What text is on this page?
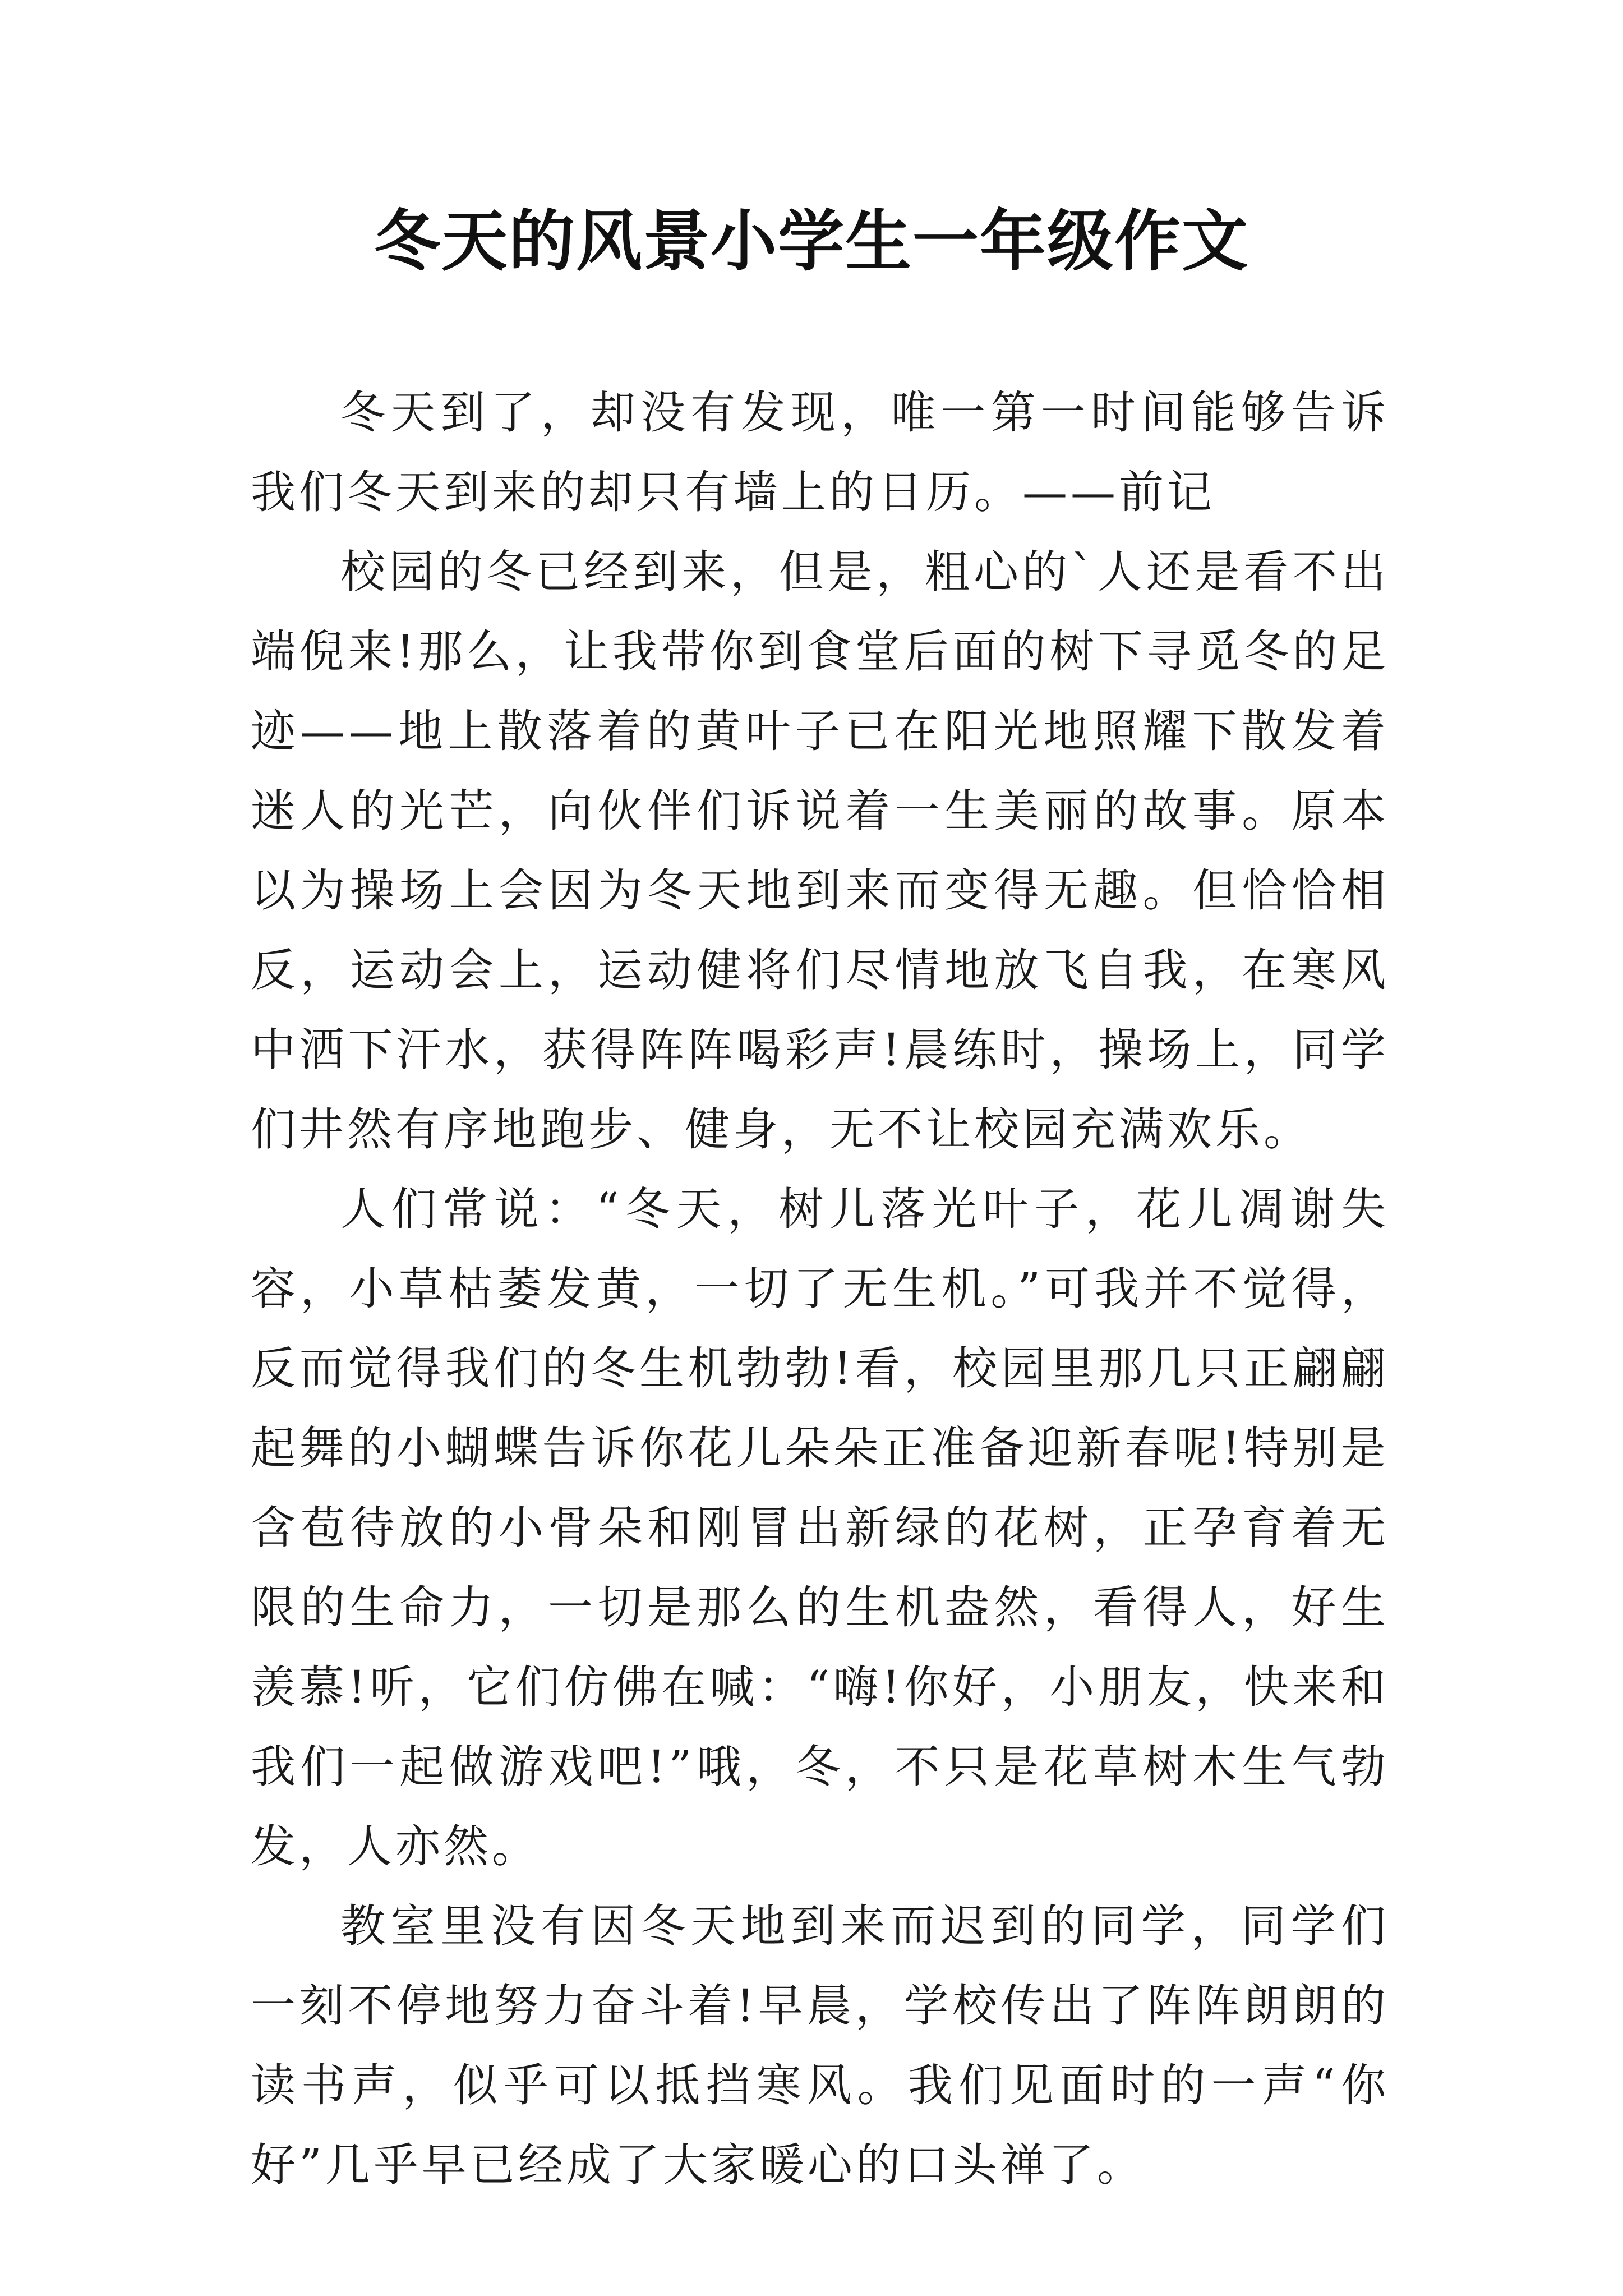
冬天的风景小学生一年级作文

冬天到了，却没有发现，唯一第一时间能够告诉我们冬天到来的却只有墙上的日历。——前记

校园的冬已经到来，但是，粗心的`人还是看不出端倪来!那么，让我带你到食堂后面的树下寻觅冬的足迹——地上散落着的黄叶子已在阳光地照耀下散发着迷人的光芒，向伙伴们诉说着一生美丽的故事。原本以为操场上会因为冬天地到来而变得无趣。但恰恰相反，运动会上，运动健将们尽情地放飞自我，在寒风中洒下汗水，获得阵阵喝彩声!晨练时，操场上，同学们井然有序地跑步、健身，无不让校园充满欢乐。

人们常说：“冬天，树儿落光叶子，花儿凋谢失容，小草枯萎发黄，一切了无生机。”可我并不觉得，反而觉得我们的冬生机勃勃!看，校园里那几只正翩翩起舞的小蝴蝶告诉你花儿朵朵正准备迎新春呢!特别是含苞待放的小骨朵和刚冒出新绿的花树，正孕育着无限的生命力，一切是那么的生机盎然，看得人，好生羡慕!听，它们仿佛在喊：“嗨!你好，小朋友，快来和我们一起做游戏吧!”哦，冬，不只是花草树木生气勃发，人亦然。

教室里没有因冬天地到来而迟到的同学，同学们一刻不停地努力奋斗着!早晨，学校传出了阵阵朗朗的读书声，似乎可以抵挡寒风。我们见面时的一声“你好”几乎早已经成了大家暖心的口头禅了。
